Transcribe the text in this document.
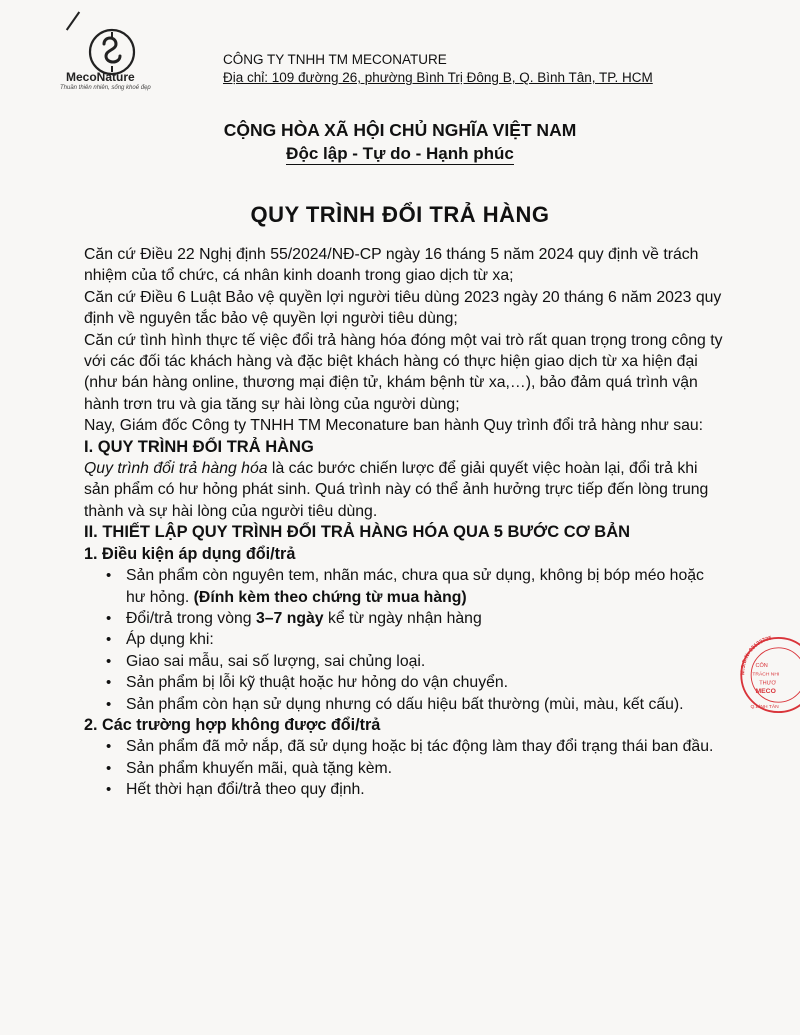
MecoNature
Thuần thiên nhiên, sống khoẻ đẹp
CÔNG TY TNHH TM MECONATURE
Địa chỉ: 109 đường 26, phường Bình Trị Đông B, Q. Bình Tân, TP. HCM
CỘNG HÒA XÃ HỘI CHỦ NGHĨA VIỆT NAM
Độc lập - Tự do - Hạnh phúc
QUY TRÌNH ĐỔI TRẢ HÀNG

Căn cứ Điều 22 Nghị định 55/2024/NĐ-CP ngày 16 tháng 5 năm 2024 quy định về trách nhiệm của tổ chức, cá nhân kinh doanh trong giao dịch từ xa;

Căn cứ Điều 6 Luật Bảo vệ quyền lợi người tiêu dùng 2023 ngày 20 tháng 6 năm 2023 quy định về nguyên tắc bảo vệ quyền lợi người tiêu dùng;

Căn cứ tình hình thực tế việc đổi trả hàng hóa đóng một vai trò rất quan trọng trong công ty với các đối tác khách hàng và đặc biệt khách hàng có thực hiện giao dịch từ xa hiện đại (như bán hàng online, thương mại điện tử, khám bệnh từ xa,…), bảo đảm quá trình vận hành trơn tru và gia tăng sự hài lòng của người dùng;

Nay, Giám đốc Công ty TNHH TM Meconature ban hành Quy trình đổi trả hàng như sau:

I. QUY TRÌNH ĐỔI TRẢ HÀNG

Quy trình đổi trả hàng hóa là các bước chiến lược để giải quyết việc hoàn lại, đổi trả khi sản phẩm có hư hỏng phát sinh. Quá trình này có thể ảnh hưởng trực tiếp đến lòng trung thành và sự hài lòng của người tiêu dùng.

II. THIẾT LẬP QUY TRÌNH ĐỔI TRẢ HÀNG HÓA QUA 5 BƯỚC CƠ BẢN

1. Điều kiện áp dụng đổi/trả

• Sản phẩm còn nguyên tem, nhãn mác, chưa qua sử dụng, không bị bóp méo hoặc hư hỏng. (Đính kèm theo chứng từ mua hàng)
• Đổi/trả trong vòng 3–7 ngày kể từ ngày nhận hàng
• Áp dụng khi:
• Giao sai mẫu, sai số lượng, sai chủng loại.
• Sản phẩm bị lỗi kỹ thuật hoặc hư hỏng do vận chuyển.
• Sản phẩm còn hạn sử dụng nhưng có dấu hiệu bất thường (mùi, màu, kết cấu).

2. Các trường hợp không được đổi/trả

• Sản phẩm đã mở nắp, đã sử dụng hoặc bị tác động làm thay đổi trạng thái ban đầu.
• Sản phẩm khuyến mãi, quà tặng kèm.
• Hết thời hạn đổi/trả theo quy định.
M.S.D.N: 03133735
CÔN
TRÁCH NHI
THƯƠ
MECO
Q.BÌNH TÂN
